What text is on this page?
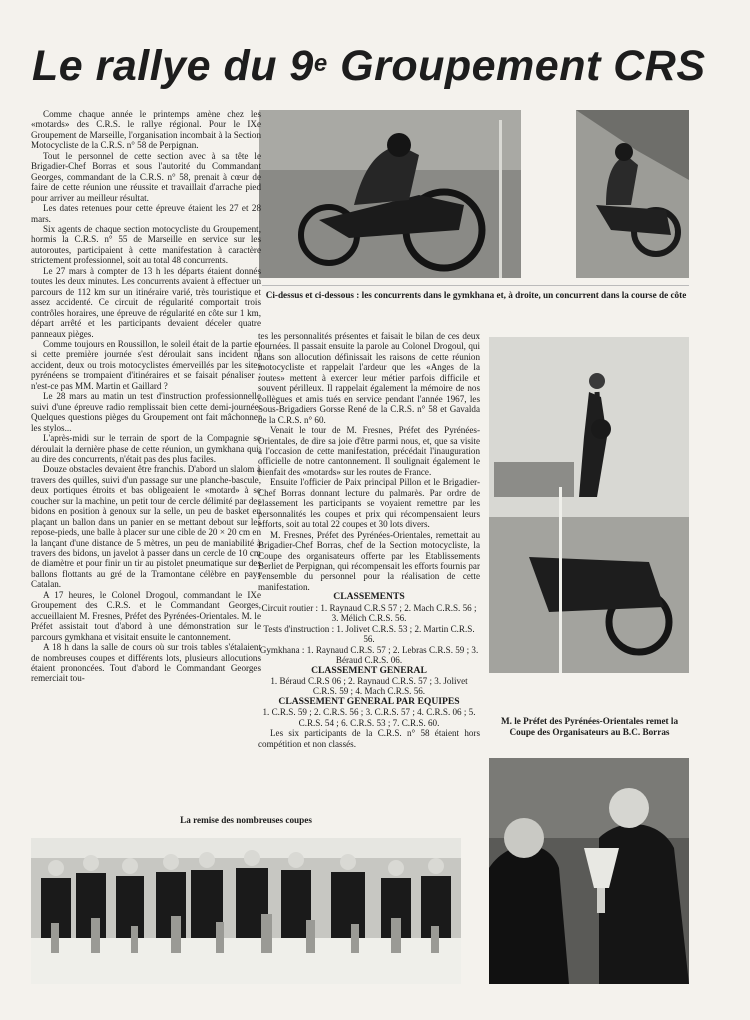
Le rallye du 9e Groupement CRS
Ci-dessus et ci-dessous : les concurrents dans le gymkhana et, à droite, un concurrent dans la course de côte

Comme chaque année le printemps amène chez les «motards» des C.R.S. le rallye régional. Pour le IXe Groupement de Marseille, l'organisation incombait à la Section Motocycliste de la C.R.S. n° 58 de Perpignan.

Tout le personnel de cette section avec à sa tête le Brigadier-Chef Borras et sous l'autorité du Commandant Georges, commandant de la C.R.S. n° 58, prenait à cœur de faire de cette réunion une réussite et travaillait d'arrache pied pour arriver au meilleur résultat.

Les dates retenues pour cette épreuve étaient les 27 et 28 mars.

Six agents de chaque section motocycliste du Groupement, hormis la C.R.S. n° 55 de Marseille en service sur les autoroutes, participaient à cette manifestation à caractère strictement professionnel, soit au total 48 concurrents.

Le 27 mars à compter de 13 h les départs étaient donnés toutes les deux minutes. Les concurrents avaient à effectuer un parcours de 112 km sur un itinéraire varié, très touristique et assez accidenté. Ce circuit de régularité comportait trois contrôles horaires, une épreuve de régularité en côte sur 1 km, départ arrêté et les participants devaient déceler quatre panneaux pièges.

Comme toujours en Roussillon, le soleil était de la partie et si cette première journée s'est déroulait sans incident ni accident, deux ou trois motocyclistes émerveillés par les sites pyrénéens se trompaient d'itinéraires et se faisait pénaliser : n'est-ce pas MM. Martin et Gaillard ?

Le 28 mars au matin un test d'instruction professionnelle suivi d'une épreuve radio remplissait bien cette demi-journée. Quelques questions pièges du Groupement ont fait mâchonner les stylos...

L'après-midi sur le terrain de sport de la Compagnie se déroulait la dernière phase de cette réunion, un gymkhana qui, au dire des concurrents, n'était pas des plus faciles.

Douze obstacles devaient être franchis. D'abord un slalom à travers des quilles, suivi d'un passage sur une planche-bascule, deux portiques étroits et bas obligeaient le «motard» à se coucher sur la machine, un petit tour de cercle délimité par des bidons en position à genoux sur la selle, un peu de basket en plaçant un ballon dans un panier en se mettant debout sur les repose-pieds, une balle à placer sur une cible de 20 × 20 cm en la lançant d'une distance de 5 mètres, un peu de maniabilité à travers des bidons, un javelot à passer dans un cercle de 10 cm de diamètre et pour finir un tir au pistolet pneumatique sur des ballons flottants au gré de la Tramontane célèbre en pays Catalan.

A 17 heures, le Colonel Drogoul, commandant le IXe Groupement des C.R.S. et le Commandant Georges, accueillaient M. Fresnes, Préfet des Pyrénées-Orientales. M. le Préfet assistait tout d'abord à une démonstration sur le parcours gymkhana et visitait ensuite le cantonnement.

A 18 h dans la salle de cours où sur trois tables s'étalaient de nombreuses coupes et différents lots, plusieurs allocutions étaient prononcées. Tout d'abord le Commandant Georges remerciait tou-

tes les personnalités présentes et faisait le bilan de ces deux journées. Il passait ensuite la parole au Colonel Drogoul, qui dans son allocution définissait les raisons de cette réunion motocycliste et rappelait l'ardeur que les «Anges de la routes» mettent à exercer leur métier parfois difficile et souvent périlleux. Il rappelait également la mémoire de nos collègues et amis tués en service pendant l'année 1967, les Sous-Brigadiers Gorsse René de la C.R.S. n° 58 et Gavalda de la C.R.S. n° 60.

Venait le tour de M. Fresnes, Préfet des Pyrénées-Orientales, de dire sa joie d'être parmi nous, et, que sa visite à l'occasion de cette manifestation, précédait l'inauguration officielle de notre cantonnement. Il soulignait également le bienfait des «motards» sur les routes de France.

Ensuite l'officier de Paix principal Pillon et le Brigadier-Chef Borras donnant lecture du palmarès. Par ordre de classement les participants se voyaient remettre par les personnalités les coupes et prix qui récompensaient leurs efforts, soit au total 22 coupes et 30 lots divers.

M. Fresnes, Préfet des Pyrénées-Orientales, remettait au Brigadier-Chef Borras, chef de la Section motocycliste, la Coupe des organisateurs offerte par les Etablissements Berliet de Perpignan, qui récompensait les efforts fournis par l'ensemble du personnel pour la réalisation de cette manifestation.

CLASSEMENTS

Circuit routier : 1. Raynaud C.R.S 57 ; 2. Mach C.R.S. 56 ; 3. Mélich C.R.S. 56.

Tests d'instruction : 1. Jolivet C.R.S. 53 ; 2. Martin C.R.S. 56.

Gymkhana : 1. Raynaud C.R.S. 57 ; 2. Lebras C.R.S. 59 ; 3. Béraud C.R.S. 06.

CLASSEMENT GENERAL

1. Béraud C.R.S 06 ; 2. Raynaud C.R.S. 57 ; 3. Jolivet C.R.S. 59 ; 4. Mach C.R.S. 56.

CLASSEMENT GENERAL PAR EQUIPES

1. C.R.S. 59 ; 2. C.R.S. 56 ; 3. C.R.S. 57 ; 4. C.R.S. 06 ; 5. C.R.S. 54 ; 6. C.R.S. 53 ; 7. C.R.S. 60.

Les six participants de la C.R.S. n° 58 étaient hors compétition et non classés.

M. le Préfet des Pyrénées-Orientales remet la Coupe des Organisateurs au B.C. Borras
La remise des nombreuses coupes
